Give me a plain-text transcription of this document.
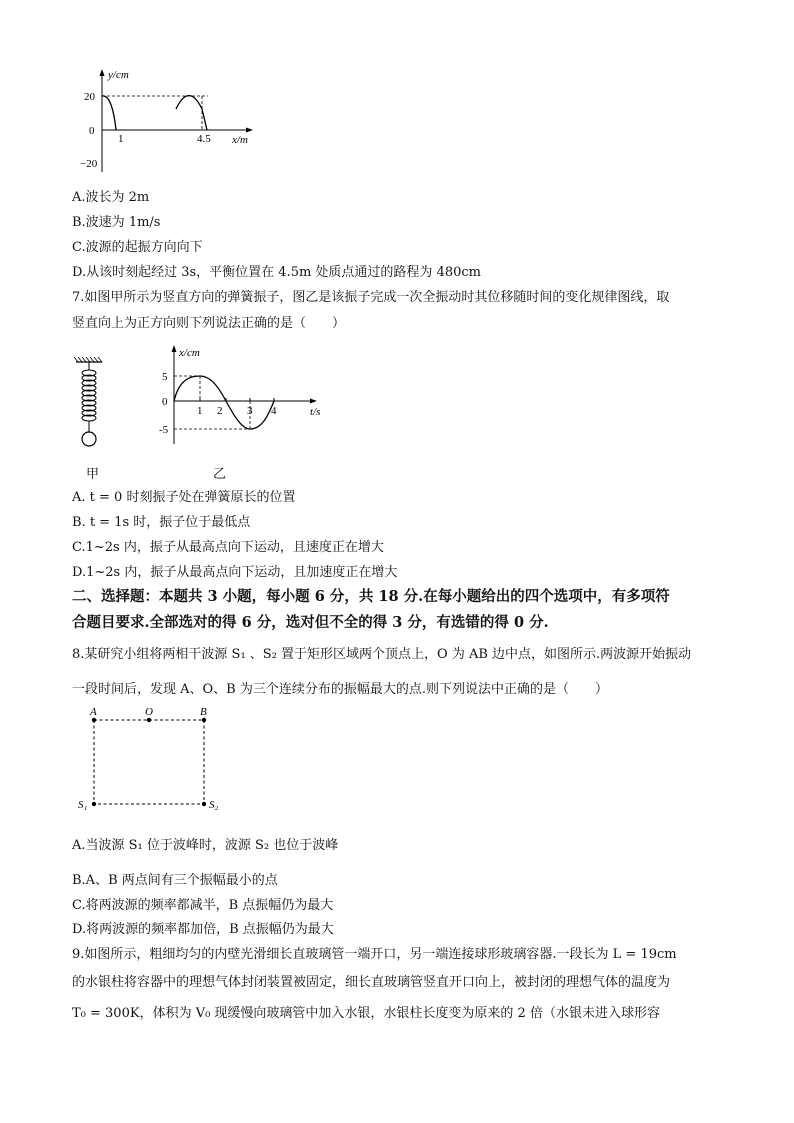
y/cm
x/m
20
0
−20
1	4.5
A.波长为 2m
B.波速为 1m/s
C.波源的起振方向向下
D.从该时刻起经过 3s，平衡位置在 4.5m 处质点通过的路程为 480cm
7.如图甲所示为竖直方向的弹簧振子，图乙是该振子完成一次全振动时其位移随时间的变化规律图线，取
竖直向上为正方向则下列说法正确的是（　　）
x/cm
t/s
5
0
-5
1 2 3 4
甲	乙
A. t = 0 时刻振子处在弹簧原长的位置
B. t = 1s 时，振子位于最低点
C.1~2s 内，振子从最高点向下运动，且速度正在增大
D.1~2s 内，振子从最高点向下运动，且加速度正在增大
二、选择题：本题共 3 小题，每小题 6 分，共 18 分.在每小题给出的四个选项中，有多项符
合题目要求.全部选对的得 6 分，选对但不全的得 3 分，有选错的得 0 分.
8.某研究小组将两相干波源 S₁ 、S₂ 置于矩形区域两个顶点上，O 为 AB 边中点，如图所示.两波源开始振动
一段时间后，发现 A、O、B 为三个连续分布的振幅最大的点.则下列说法中正确的是（　　）
A	O	B
S₁	S₂
A.当波源 S₁ 位于波峰时，波源 S₂ 也位于波峰
B.A、B 两点间有三个振幅最小的点
C.将两波源的频率都减半，B 点振幅仍为最大
D.将两波源的频率都加倍，B 点振幅仍为最大
9.如图所示，粗细均匀的内壁光滑细长直玻璃管一端开口，另一端连接球形玻璃容器.一段长为 L = 19cm
的水银柱将容器中的理想气体封闭装置被固定，细长直玻璃管竖直开口向上，被封闭的理想气体的温度为
T₀ = 300K，体积为 V₀ 现缓慢向玻璃管中加入水银，水银柱长度变为原来的 2 倍（水银未进入球形容
